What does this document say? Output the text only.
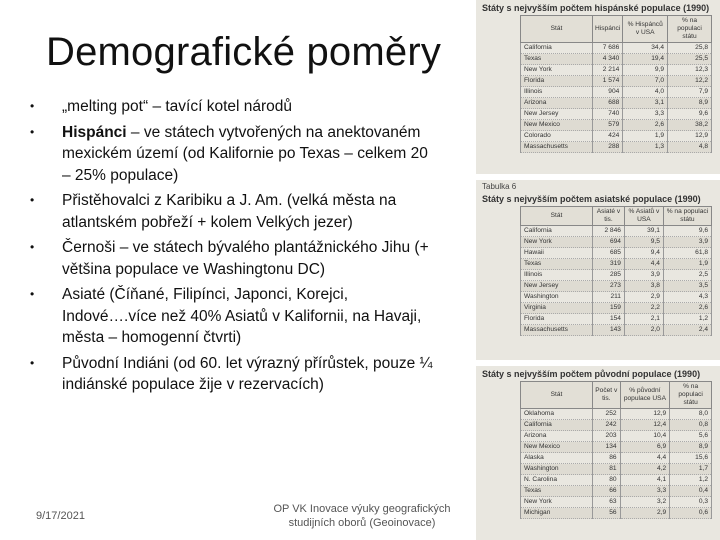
Demografické poměry
• „melting pot“ – tavící kotel národů
• Hispánci – ve státech vytvořených na anektovaném mexickém území (od Kalifornie po Texas – celkem 20 – 25% populace)
• Přistěhovalci z Karibiku a J. Am. (velká města na atlantském pobřeží + kolem Velkých jezer)
• Černoši – ve státech bývalého plantážnického Jihu (+ většina populace ve Washingtonu DC)
• Asiaté (Číňané, Filipínci, Japonci, Korejci, Indové….více než 40% Asiatů v Kalifornii, na Havaji, města – homogenní čtvrti)
• Původní Indiáni (od 60. let výrazný přírůstek, pouze ¼ indiánské populace žije v rezervacích)
9/17/2021
OP VK Inovace výuky geografických studijních oborů (Geoinovace)
Státy s nejvyšším počtem hispánské populace (1990)
Stát	Hispánci	% Hispánců v USA	% na populaci státu
California	7 686	34,4	25,8
Texas	4 340	19,4	25,5
New York	2 214	9,9	12,3
Florida	1 574	7,0	12,2
Illinois	904	4,0	7,9
Arizona	688	3,1	8,9
New Jersey	740	3,3	9,6
New Mexico	579	2,6	38,2
Colorado	424	1,9	12,9
Massachusetts	288	1,3	4,8
Tabulka 6
Státy s nejvyšším počtem asiatské populace (1990)
Stát	Asiaté v tis.	% Asiatů v USA	% na populaci státu
California	2 846	39,1	9,6
New York	694	9,5	3,9
Hawaii	685	9,4	61,8
Texas	319	4,4	1,9
Illinois	285	3,9	2,5
New Jersey	273	3,8	3,5
Washington	211	2,9	4,3
Virginia	159	2,2	2,6
Florida	154	2,1	1,2
Massachusetts	143	2,0	2,4
Státy s nejvyšším počtem původní populace (1990)
Stát	Počet v tis.	% původní populace USA	% na populaci státu
Oklahoma	252	12,9	8,0
California	242	12,4	0,8
Arizona	203	10,4	5,6
New Mexico	134	6,9	8,9
Alaska	86	4,4	15,6
Washington	81	4,2	1,7
N. Carolina	80	4,1	1,2
Texas	66	3,3	0,4
New York	63	3,2	0,3
Michigan	56	2,9	0,6
